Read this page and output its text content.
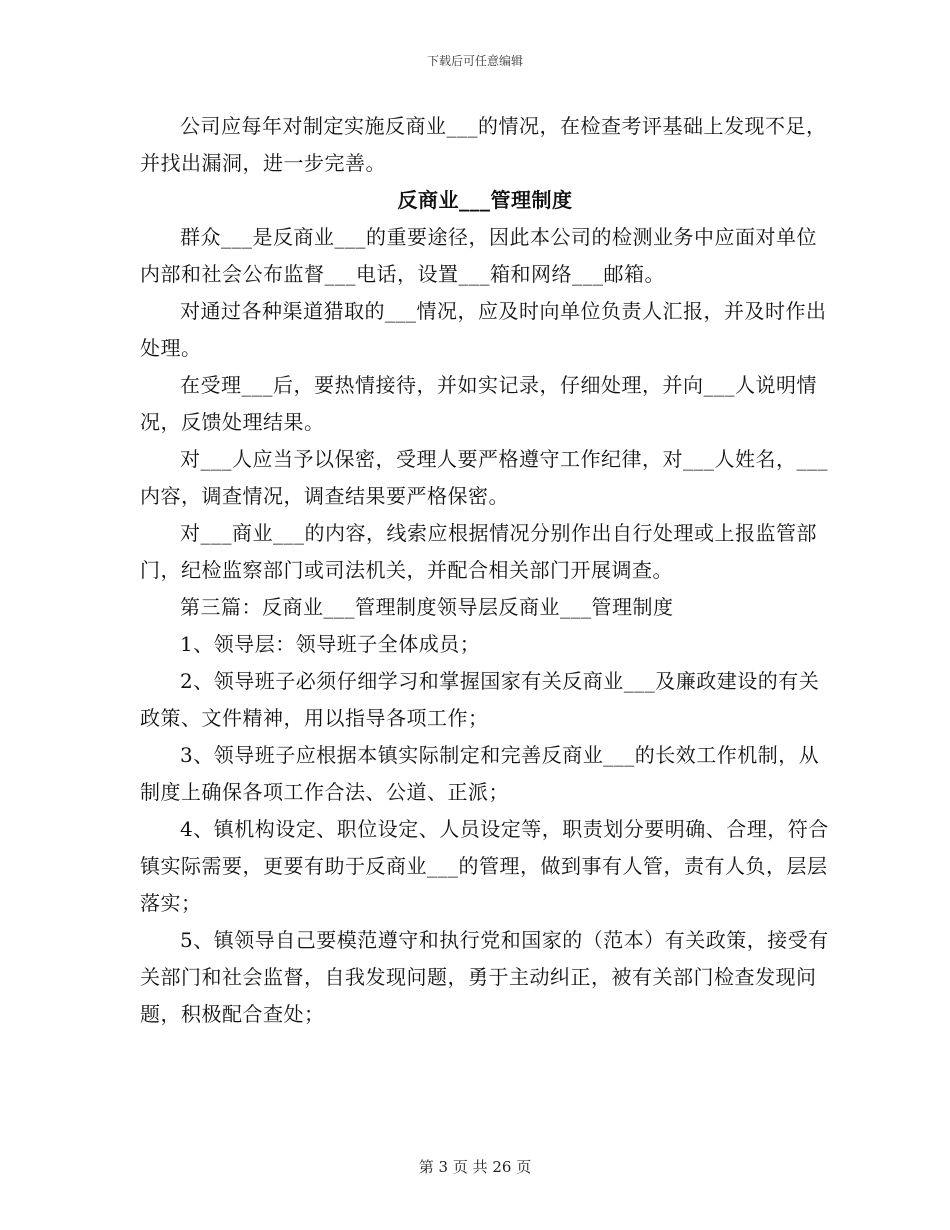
下载后可任意编辑

公司应每年对制定实施反商业___的情况，在检查考评基础上发现不足，并找出漏洞，进一步完善。

反商业___管理制度

群众___是反商业___的重要途径，因此本公司的检测业务中应面对单位内部和社会公布监督___电话，设置___箱和网络___邮箱。

对通过各种渠道猎取的___情况，应及时向单位负责人汇报，并及时作出处理。

在受理___后，要热情接待，并如实记录，仔细处理，并向___人说明情况，反馈处理结果。

对___人应当予以保密，受理人要严格遵守工作纪律，对___人姓名，___内容，调查情况，调查结果要严格保密。

对___商业___的内容，线索应根据情况分别作出自行处理或上报监管部门，纪检监察部门或司法机关，并配合相关部门开展调查。

第三篇：反商业___管理制度领导层反商业___管理制度

1、领导层：领导班子全体成员；

2、领导班子必须仔细学习和掌握国家有关反商业___及廉政建设的有关政策、文件精神，用以指导各项工作；

3、领导班子应根据本镇实际制定和完善反商业___的长效工作机制，从制度上确保各项工作合法、公道、正派；

4、镇机构设定、职位设定、人员设定等，职责划分要明确、合理，符合镇实际需要，更要有助于反商业___的管理，做到事有人管，责有人负，层层落实；

5、镇领导自己要模范遵守和执行党和国家的（范本）有关政策，接受有关部门和社会监督，自我发现问题，勇于主动纠正，被有关部门检查发现问题，积极配合查处；

第 3 页 共 26 页
